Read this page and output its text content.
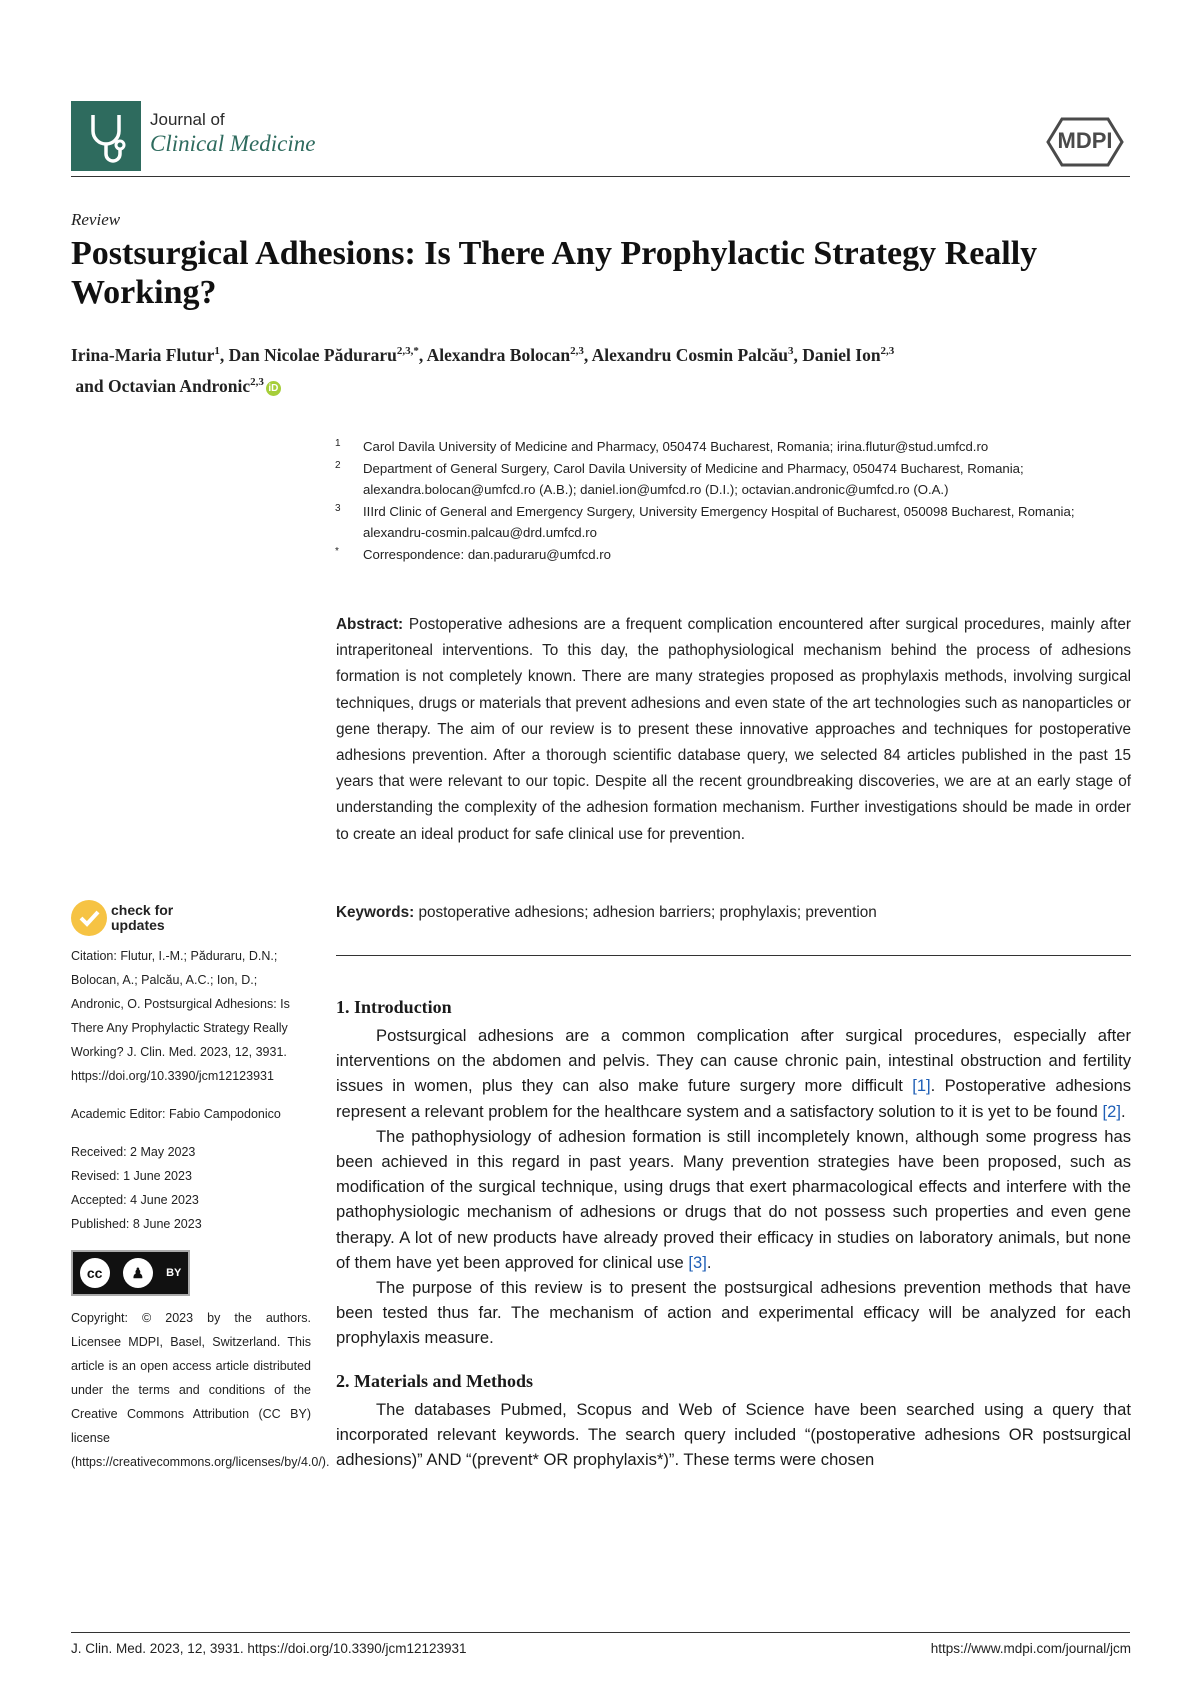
Journal of
Clinical Medicine	MDPI
Review
Postsurgical Adhesions: Is There Any Prophylactic Strategy Really Working?
Irina-Maria Flutur$^1$, Dan Nicolae Păduraru$^{2,3,*}$, Alexandra Bolocan$^{2,3}$, Alexandru Cosmin Palcău$^3$, Daniel Ion$^{2,3}$
and Octavian Andronic$^{2,3}$iD
1 Carol Davila University of Medicine and Pharmacy, 050474 Bucharest, Romania; irina.flutur@stud.umfcd.ro
2 Department of General Surgery, Carol Davila University of Medicine and Pharmacy, 050474 Bucharest, Romania; alexandra.bolocan@umfcd.ro (A.B.); daniel.ion@umfcd.ro (D.I.); octavian.andronic@umfcd.ro (O.A.)
3 IIIrd Clinic of General and Emergency Surgery, University Emergency Hospital of Bucharest, 050098 Bucharest, Romania; alexandru-cosmin.palcau@drd.umfcd.ro
* Correspondence: dan.paduraru@umfcd.ro

Abstract: Postoperative adhesions are a frequent complication encountered after surgical procedures, mainly after intraperitoneal interventions. To this day, the pathophysiological mechanism behind the process of adhesions formation is not completely known. There are many strategies proposed as prophylaxis methods, involving surgical techniques, drugs or materials that prevent adhesions and even state of the art technologies such as nanoparticles or gene therapy. The aim of our review is to present these innovative approaches and techniques for postoperative adhesions prevention. After a thorough scientific database query, we selected 84 articles published in the past 15 years that were relevant to our topic. Despite all the recent groundbreaking discoveries, we are at an early stage of understanding the complexity of the adhesion formation mechanism. Further investigations should be made in order to create an ideal product for safe clinical use for prevention.

Keywords: postoperative adhesions; adhesion barriers; prophylaxis; prevention
check for updates

Citation: Flutur, I.-M.; Păduraru, D.N.; Bolocan, A.; Palcău, A.C.; Ion, D.; Andronic, O. Postsurgical Adhesions: Is There Any Prophylactic Strategy Really Working? J. Clin. Med. 2023, 12, 3931. https://doi.org/10.3390/jcm12123931

Academic Editor: Fabio Campodonico

Received: 2 May 2023

Revised: 1 June 2023

Accepted: 4 June 2023

Published: 8 June 2023

cc	♟	BY

Copyright: © 2023 by the authors. Licensee MDPI, Basel, Switzerland. This article is an open access article distributed under the terms and conditions of the Creative Commons Attribution (CC BY) license (https://creativecommons.org/licenses/by/4.0/).

1. Introduction

Postsurgical adhesions are a common complication after surgical procedures, especially after interventions on the abdomen and pelvis. They can cause chronic pain, intestinal obstruction and fertility issues in women, plus they can also make future surgery more difficult [1]. Postoperative adhesions represent a relevant problem for the healthcare system and a satisfactory solution to it is yet to be found [2].

The pathophysiology of adhesion formation is still incompletely known, although some progress has been achieved in this regard in past years. Many prevention strategies have been proposed, such as modification of the surgical technique, using drugs that exert pharmacological effects and interfere with the pathophysiologic mechanism of adhesions or drugs that do not possess such properties and even gene therapy. A lot of new products have already proved their efficacy in studies on laboratory animals, but none of them have yet been approved for clinical use [3].

The purpose of this review is to present the postsurgical adhesions prevention methods that have been tested thus far. The mechanism of action and experimental efficacy will be analyzed for each prophylaxis measure.

2. Materials and Methods

The databases Pubmed, Scopus and Web of Science have been searched using a query that incorporated relevant keywords. The search query included “(postoperative adhesions OR postsurgical adhesions)” AND “(prevent* OR prophylaxis*)”. These terms were chosen

J. Clin. Med. 2023, 12, 3931. https://doi.org/10.3390/jcm12123931	https://www.mdpi.com/journal/jcm
